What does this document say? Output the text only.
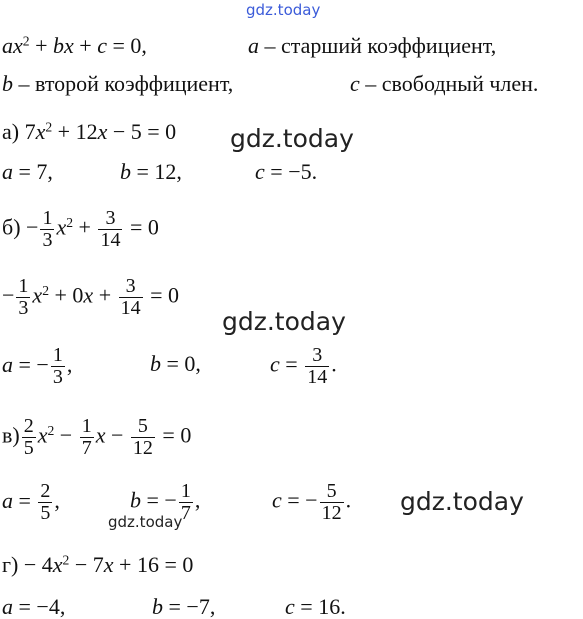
gdz.today
$ax^2$ + bx + c = 0,	a – старший коэффициент,
b – второй коэффициент,	c – свободный член.
а) $7x^2 + 12x - 5 = 0$ gdz.today
a = 7,	b = 12,	c = −5.
$б) - \frac{1}{3} x^2 + \frac{3}{14} = 0$
− $\frac{1}{3} x^2 + 0x + \frac{3}{14} = 0$
gdz.today
a = − $\frac{1}{3}$ ,	b = 0,	$c = \frac{3}{14}$ .
$в) \frac{2}{5} x^2 - \frac{1}{7}$ $x - \frac{5}{12} = 0$
$a = \frac{2}{5}$ ,	b = − $\frac{1}{7}$ ,	c = − $\frac{5}{12}$ . gdz.today
gdz.today
$г) - 4x^2 - 7x + 16 = 0$
a = −4,	b = −7,	c = 16.
